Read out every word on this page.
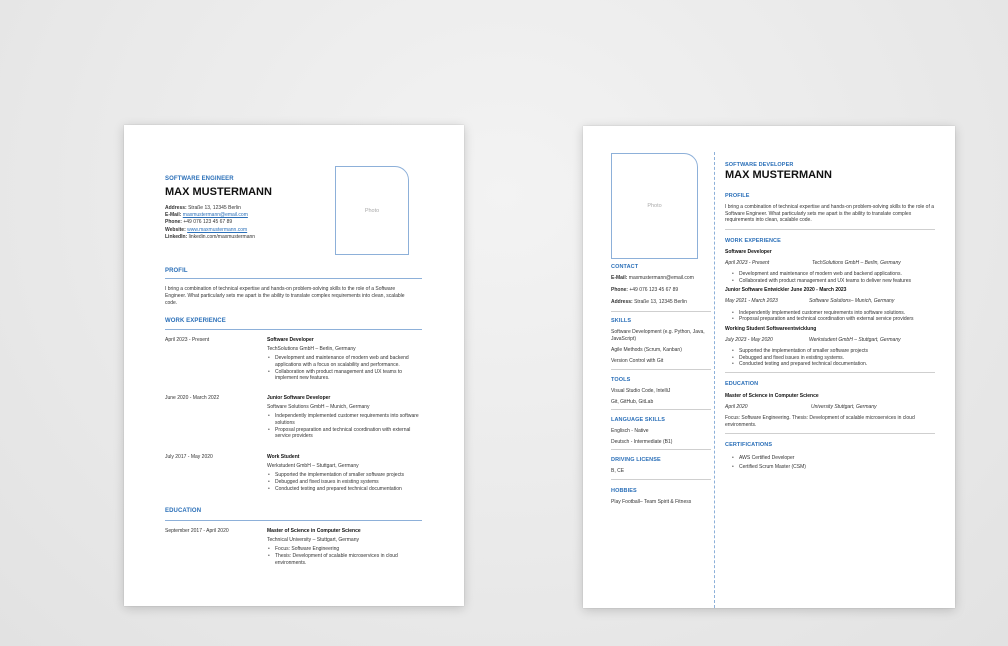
SOFTWARE ENGINEER
MAX MUSTERMANN
Address: Straße 13, 12345 Berlin
E-Mail: maxmustermann@email.com
Phone: +49 076 123 45 67 89
Website: www.maxmustermann.com
LinkedIn: linkedin.com/maxmustermann
Photo
PROFIL
I bring a combination of technical expertise and hands-on problem-solving skills to the role of a Software Engineer. What particularly sets me apart is the ability to translate complex requirements into clean, scalable code.
WORK EXPERIENCE
April 2023 - Present	Software Developer
TechSolutions GmbH – Berlin, Germany
• Development and maintenance of modern web and backend applications with a focus on scalability and performance.
• Collaboration with product management and UX teams to implement new features.
June 2020 - March 2022	Junior Software Developer
Software Solutions GmbH – Munich, Germany
• Independently implemented customer requirements into software solutions
• Proposal preparation and technical coordination with external service providers
July 2017 - May 2020	Work Student
Werkstudent GmbH – Stuttgart, Germany
• Supported the implementation of smaller software projects
• Debugged and fixed issues in existing systems
• Conducted testing and prepared technical documentation
EDUCATION
September 2017 - April 2020	Master of Science in Computer Science
Technical University – Stuttgart, Germany
• Focus: Software Engineering
• Thesis: Development of scalable microservices in cloud environments.
Photo
CONTACT
E-Mail: maxmustermann@email.com
Phone: +49 076 123 45 67 89
Address: Straße 13, 12345 Berlin
SKILLS
Software Development (e.g. Python, Java, JavaScript)
Agile Methods (Scrum, Kanban)
Version Control with Git
TOOLS
Visual Studio Code, IntelliJ
Git, GitHub, GitLab
LANGUAGE SKILLS
Englisch - Native
Deutsch - Intermediate (B1)
DRIVING LICENSE
B, CE
HOBBIES
Play Football– Team Spirit & Fitness
SOFTWARE DEVELOPER
MAX MUSTERMANN
PROFILE
I bring a combination of technical expertise and hands-on problem-solving skills to the role of a Software Engineer. What particularly sets me apart is the ability to translate complex requirements into clean, scalable code.
WORK EXPERIENCE
Software Developer
April 2023 - Present	TechSolutions GmbH – Berlin, Germany
• Development and maintenance of modern web and backend applications.
• Collaborated with product management and UX teams to deliver new features
Junior Software Entwickler June 2020 - March 2023
May 2021 - March 2023	Software Solutions– Munich, Germany
• Independently implemented customer requirements into software solutions.
• Proposal preparation and technical coordination with external service providers
Working Student Softwareentwicklung
July 2023 - May 2020	Werkstudent GmbH – Stuttgart, Germany
• Supported the implementation of smaller software projects
• Debugged and fixed issues in existing systems.
• Conducted testing and prepared technical documentation.
EDUCATION
Master of Science in Computer Science
April 2020	University Stuttgart, Germany
Focus: Software Engineering. Thesis: Development of scalable microservices in cloud environments.
CERTIFICATIONS
• AWS Certified Developer
• Certified Scrum Master (CSM)
